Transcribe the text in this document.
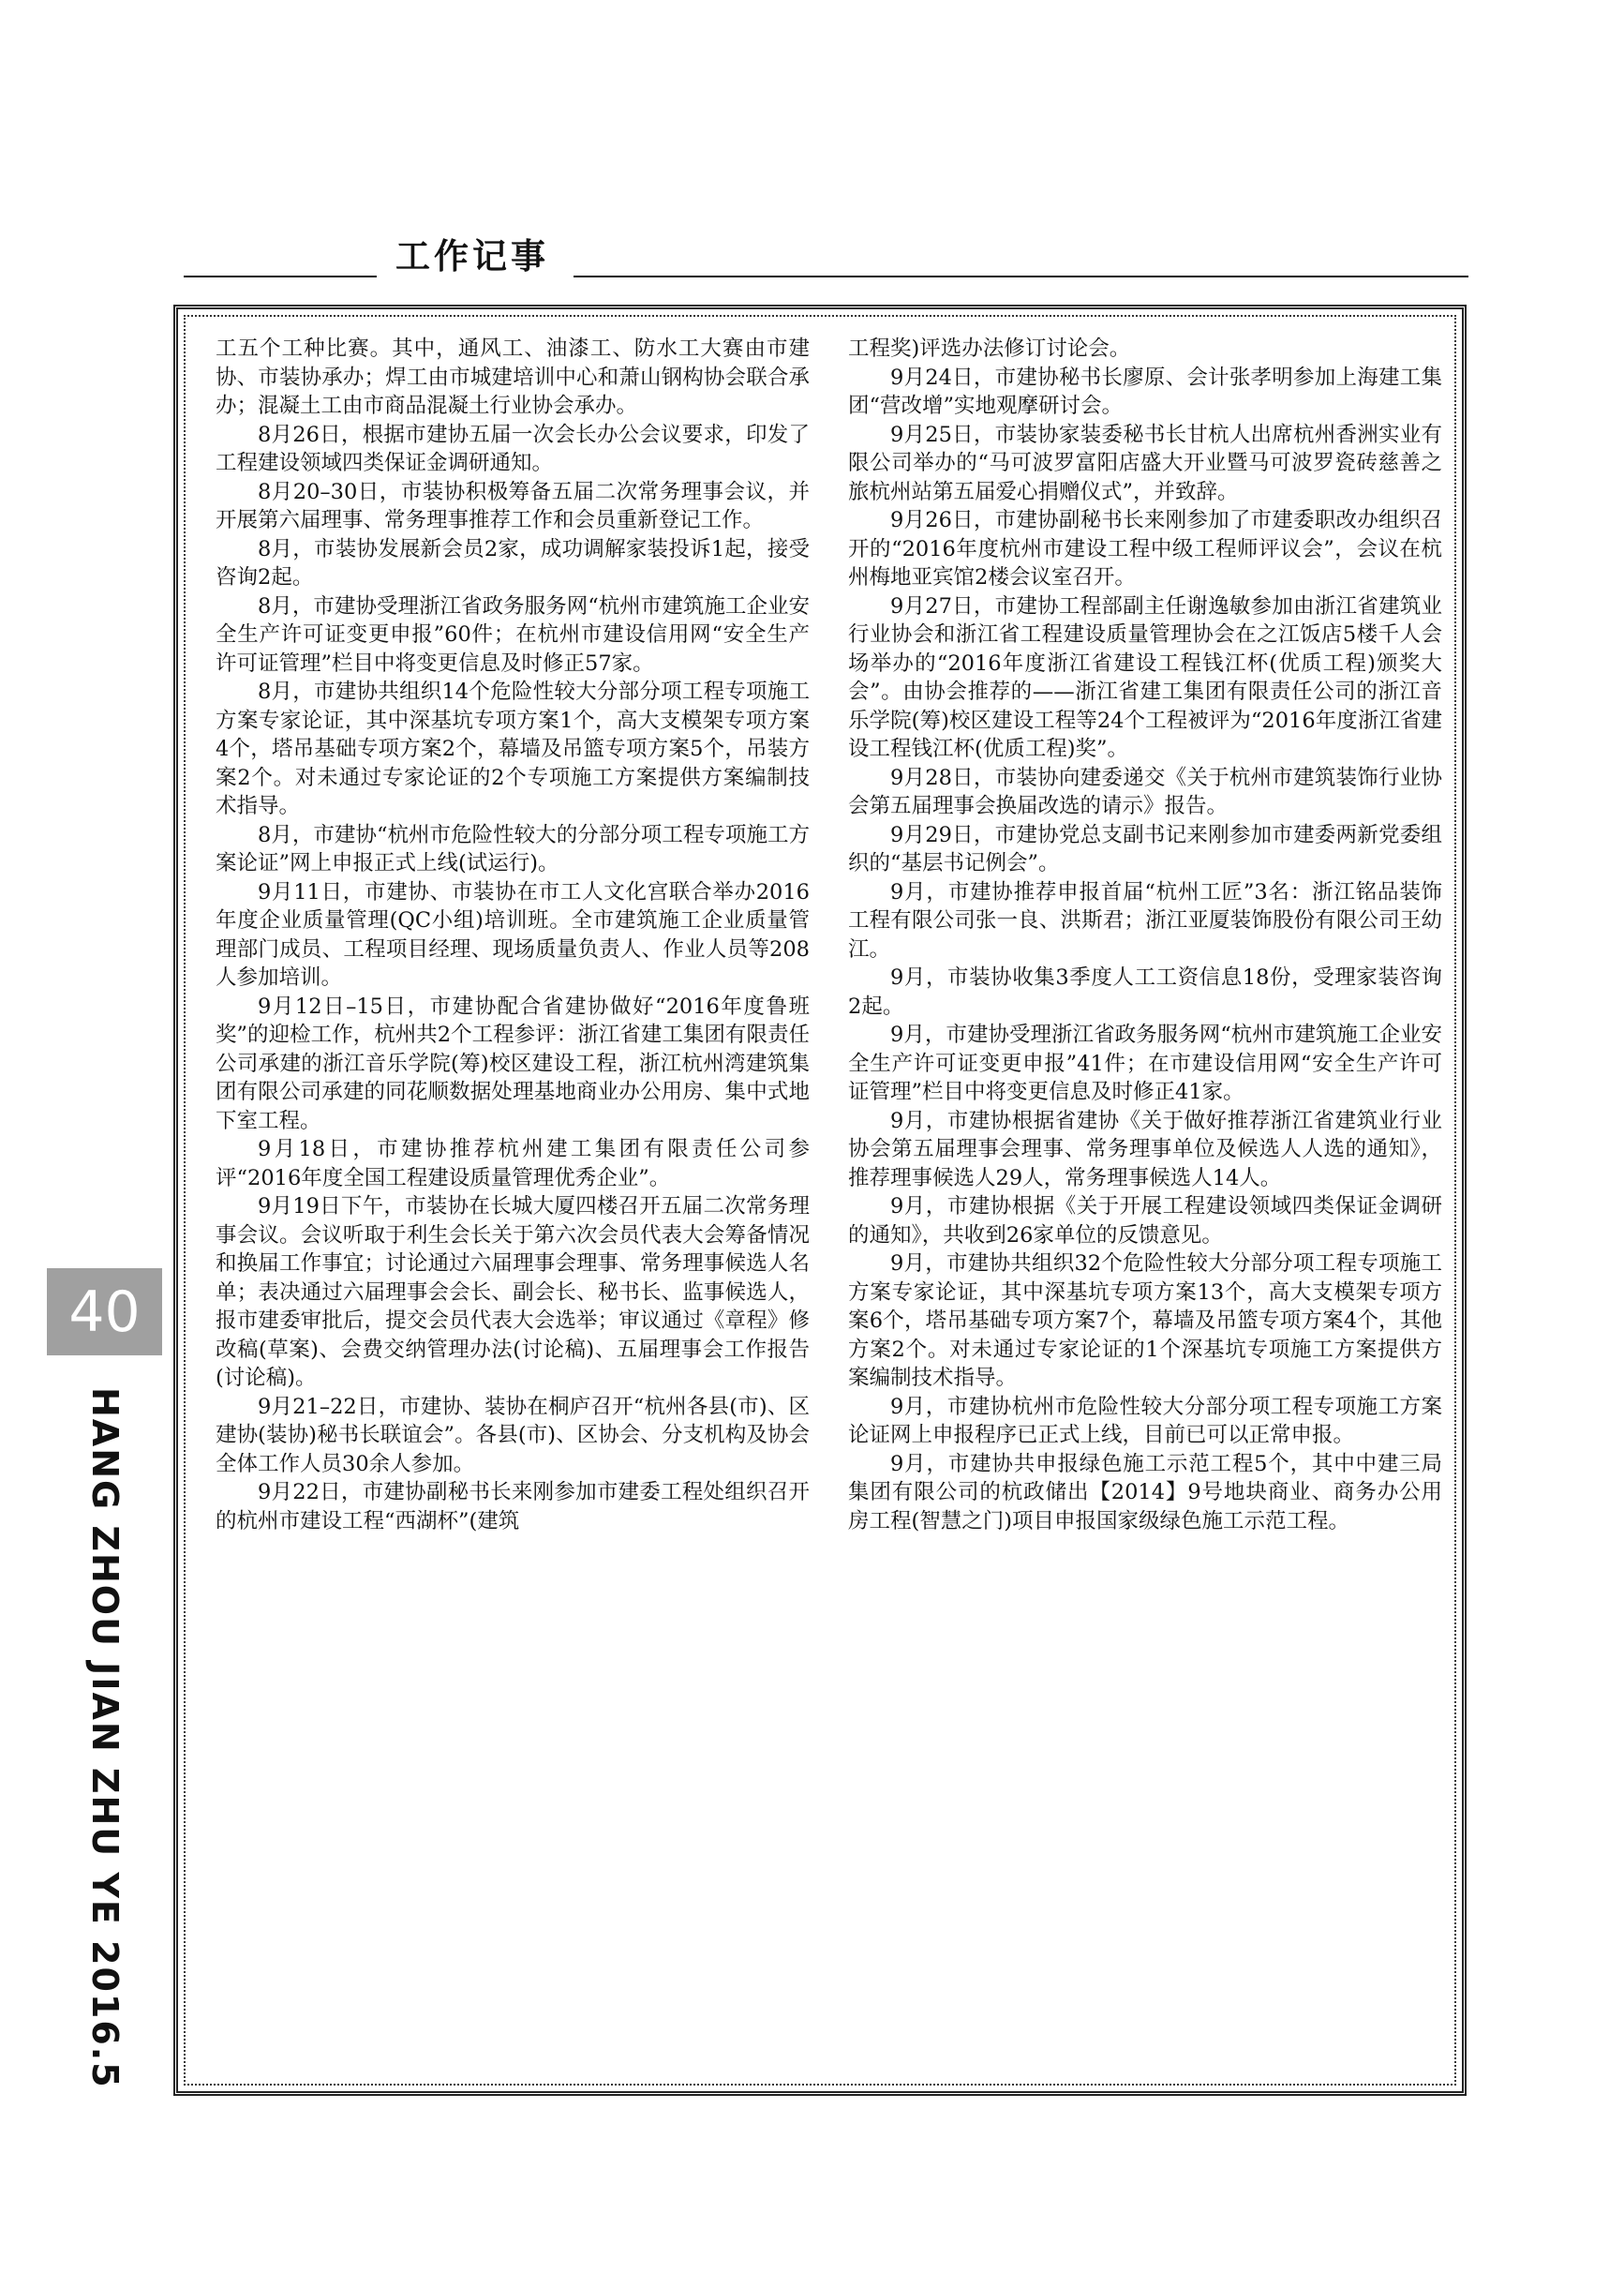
工作记事

工五个工种比赛。其中，通风工、油漆工、防水工大赛由市建协、市装协承办；焊工由市城建培训中心和萧山钢构协会联合承办；混凝土工由市商品混凝土行业协会承办。

8月26日，根据市建协五届一次会长办公会议要求，印发了工程建设领域四类保证金调研通知。

8月20–30日，市装协积极筹备五届二次常务理事会议，并开展第六届理事、常务理事推荐工作和会员重新登记工作。

8月，市装协发展新会员2家，成功调解家装投诉1起，接受咨询2起。

8月，市建协受理浙江省政务服务网“杭州市建筑施工企业安全生产许可证变更申报”60件；在杭州市建设信用网“安全生产许可证管理”栏目中将变更信息及时修正57家。

8月，市建协共组织14个危险性较大分部分项工程专项施工方案专家论证，其中深基坑专项方案1个，高大支模架专项方案4个，塔吊基础专项方案2个，幕墙及吊篮专项方案5个，吊装方案2个。对未通过专家论证的2个专项施工方案提供方案编制技术指导。

8月，市建协“杭州市危险性较大的分部分项工程专项施工方案论证”网上申报正式上线(试运行)。

9月11日，市建协、市装协在市工人文化宫联合举办2016年度企业质量管理(QC小组)培训班。全市建筑施工企业质量管理部门成员、工程项目经理、现场质量负责人、作业人员等208人参加培训。

9月12日–15日，市建协配合省建协做好“2016年度鲁班奖”的迎检工作，杭州共2个工程参评：浙江省建工集团有限责任公司承建的浙江音乐学院(筹)校区建设工程，浙江杭州湾建筑集团有限公司承建的同花顺数据处理基地商业办公用房、集中式地下室工程。

9月18日，市建协推荐杭州建工集团有限责任公司参评“2016年度全国工程建设质量管理优秀企业”。

9月19日下午，市装协在长城大厦四楼召开五届二次常务理事会议。会议听取于利生会长关于第六次会员代表大会筹备情况和换届工作事宜；讨论通过六届理事会理事、常务理事候选人名单；表决通过六届理事会会长、副会长、秘书长、监事候选人，报市建委审批后，提交会员代表大会选举；审议通过《章程》修改稿(草案)、会费交纳管理办法(讨论稿)、五届理事会工作报告(讨论稿)。

9月21–22日，市建协、装协在桐庐召开“杭州各县(市)、区建协(装协)秘书长联谊会”。各县(市)、区协会、分支机构及协会全体工作人员30余人参加。

9月22日，市建协副秘书长来刚参加市建委工程处组织召开的杭州市建设工程“西湖杯”(建筑

工程奖)评选办法修订讨论会。

9月24日，市建协秘书长廖原、会计张孝明参加上海建工集团“营改增”实地观摩研讨会。

9月25日，市装协家装委秘书长甘杭人出席杭州香洲实业有限公司举办的“马可波罗富阳店盛大开业暨马可波罗瓷砖慈善之旅杭州站第五届爱心捐赠仪式”，并致辞。

9月26日，市建协副秘书长来刚参加了市建委职改办组织召开的“2016年度杭州市建设工程中级工程师评议会”，会议在杭州梅地亚宾馆2楼会议室召开。

9月27日，市建协工程部副主任谢逸敏参加由浙江省建筑业行业协会和浙江省工程建设质量管理协会在之江饭店5楼千人会场举办的“2016年度浙江省建设工程钱江杯(优质工程)颁奖大会”。由协会推荐的——浙江省建工集团有限责任公司的浙江音乐学院(筹)校区建设工程等24个工程被评为“2016年度浙江省建设工程钱江杯(优质工程)奖”。

9月28日，市装协向建委递交《关于杭州市建筑装饰行业协会第五届理事会换届改选的请示》报告。

9月29日，市建协党总支副书记来刚参加市建委两新党委组织的“基层书记例会”。

9月，市建协推荐申报首届“杭州工匠”3名：浙江铭品装饰工程有限公司张一良、洪斯君；浙江亚厦装饰股份有限公司王幼江。

9月，市装协收集3季度人工工资信息18份，受理家装咨询2起。

9月，市建协受理浙江省政务服务网“杭州市建筑施工企业安全生产许可证变更申报”41件；在市建设信用网“安全生产许可证管理”栏目中将变更信息及时修正41家。

9月，市建协根据省建协《关于做好推荐浙江省建筑业行业协会第五届理事会理事、常务理事单位及候选人人选的通知》，推荐理事候选人29人，常务理事候选人14人。

9月，市建协根据《关于开展工程建设领域四类保证金调研的通知》，共收到26家单位的反馈意见。

9月，市建协共组织32个危险性较大分部分项工程专项施工方案专家论证，其中深基坑专项方案13个，高大支模架专项方案6个，塔吊基础专项方案7个，幕墙及吊篮专项方案4个，其他方案2个。对未通过专家论证的1个深基坑专项施工方案提供方案编制技术指导。

9月，市建协杭州市危险性较大分部分项工程专项施工方案论证网上申报程序已正式上线，目前已可以正常申报。

9月，市建协共申报绿色施工示范工程5个，其中中建三局集团有限公司的杭政储出【2014】9号地块商业、商务办公用房工程(智慧之门)项目申报国家级绿色施工示范工程。

40
HANG ZHOU JIAN ZHU YE 2016.5
